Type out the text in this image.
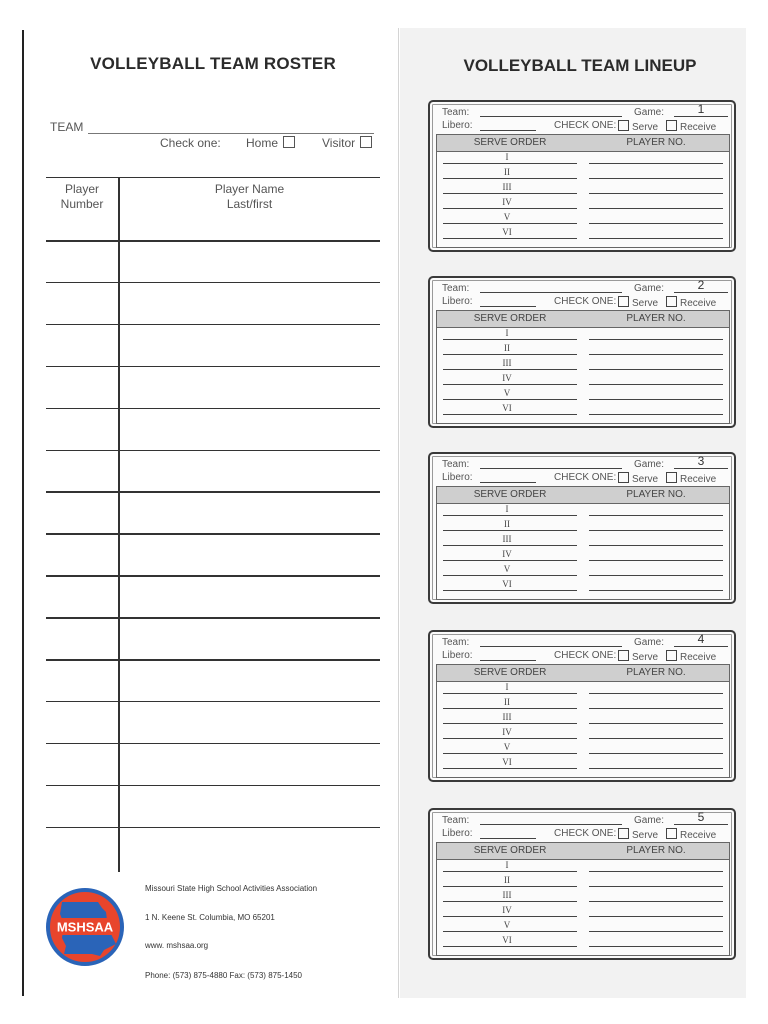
VOLLEYBALL TEAM ROSTER
TEAM
Check one: Home	Visitor
Player
Number
Player Name
Last/first
MSHSAA
Missouri State High School Activities Association
1 N. Keene St. Columbia, MO 65201
www. mshsaa.org
Phone: (573) 875-4880 Fax: (573) 875-1450
VOLLEYBALL TEAM LINEUP
Team:	Game:	1
Libero:	CHECK ONE:	Serve	Receive
SERVE ORDER	PLAYER NO.
I
II
III
IV
V
VI
Team:	Game:	2
Libero:	CHECK ONE:	Serve	Receive
SERVE ORDER	PLAYER NO.
I
II
III
IV
V
VI
Team:	Game:	3
Libero:	CHECK ONE:	Serve	Receive
SERVE ORDER	PLAYER NO.
I
II
III
IV
V
VI
Team:	Game:	4
Libero:	CHECK ONE:	Serve	Receive
SERVE ORDER	PLAYER NO.
I
II
III
IV
V
VI
Team:	Game:	5
Libero:	CHECK ONE:	Serve	Receive
SERVE ORDER	PLAYER NO.
I
II
III
IV
V
VI
